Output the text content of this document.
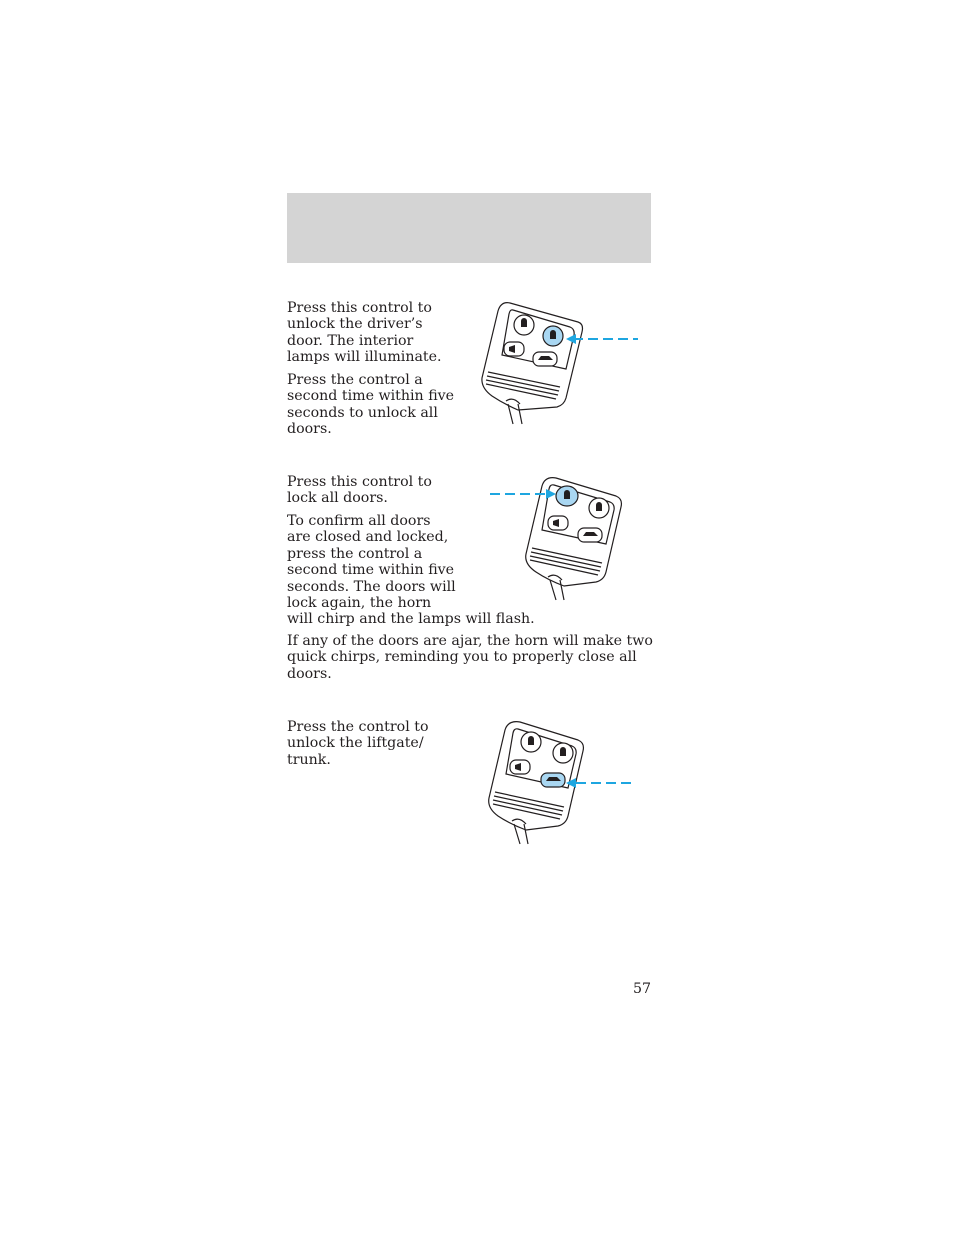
Press this control to
unlock the driver’s
door. The interior
lamps will illuminate.

Press the control a
second time within five
seconds to unlock all
doors.

Press this control to
lock all doors.

To confirm all doors
are closed and locked,
press the control a
second time within five
seconds. The doors will
lock again, the horn
will chirp and the lamps will flash.

If any of the doors are ajar, the horn will make two
quick chirps, reminding you to properly close all
doors.

Press the control to
unlock the liftgate/
trunk.

57
